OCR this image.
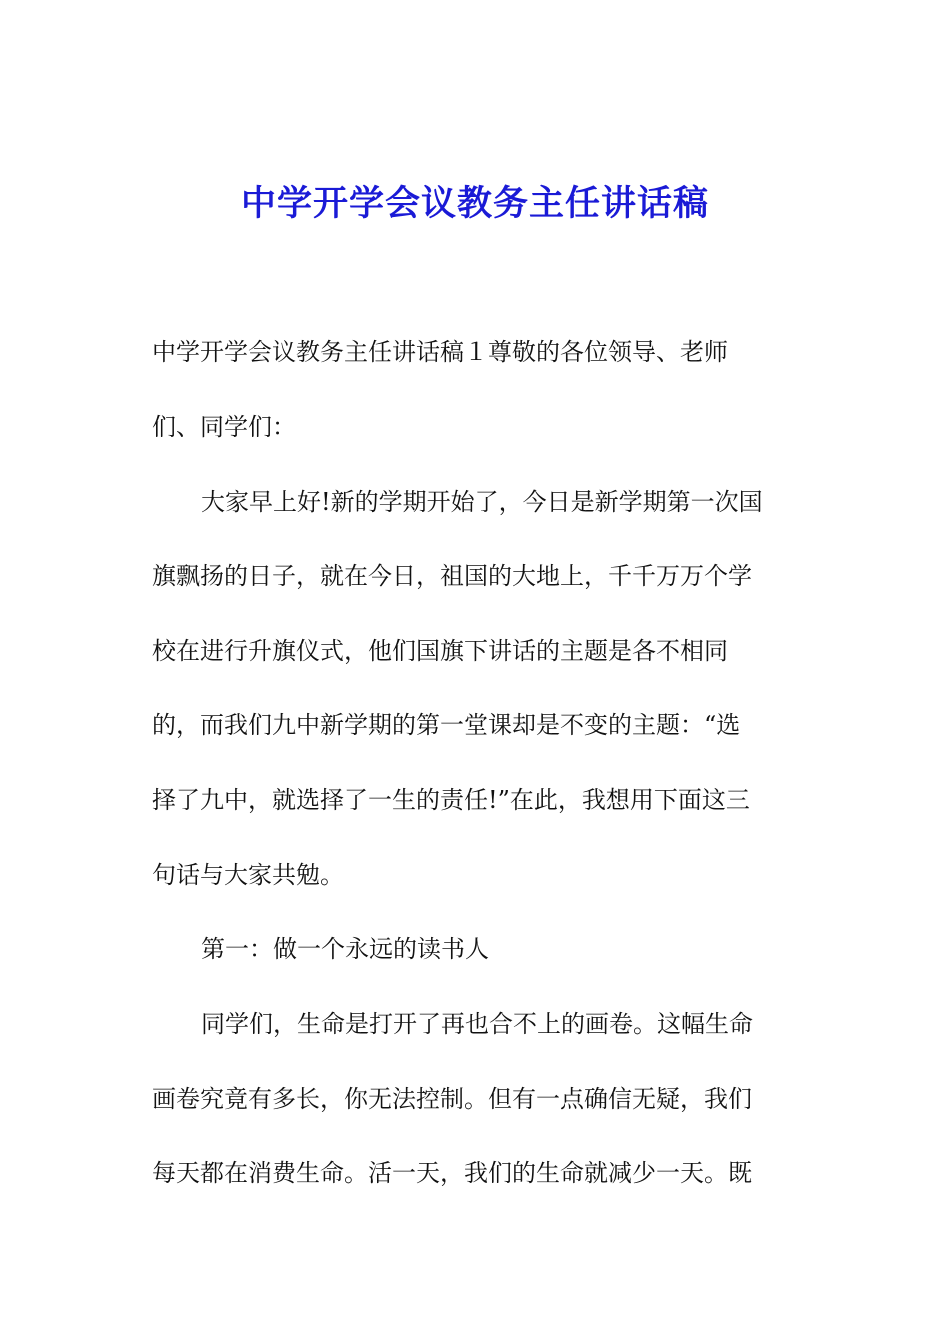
中学开学会议教务主任讲话稿
中学开学会议教务主任讲话稿１尊敬的各位领导、老师
们、同学们：
大家早上好!新的学期开始了，今日是新学期第一次国
旗飘扬的日子，就在今日，祖国的大地上，千千万万个学
校在进行升旗仪式，他们国旗下讲话的主题是各不相同
的，而我们九中新学期的第一堂课却是不变的主题：“选
择了九中，就选择了一生的责任!”在此，我想用下面这三
句话与大家共勉。
第一：做一个永远的读书人
同学们，生命是打开了再也合不上的画卷。这幅生命
画卷究竟有多长，你无法控制。但有一点确信无疑，我们
每天都在消费生命。活一天，我们的生命就减少一天。既
